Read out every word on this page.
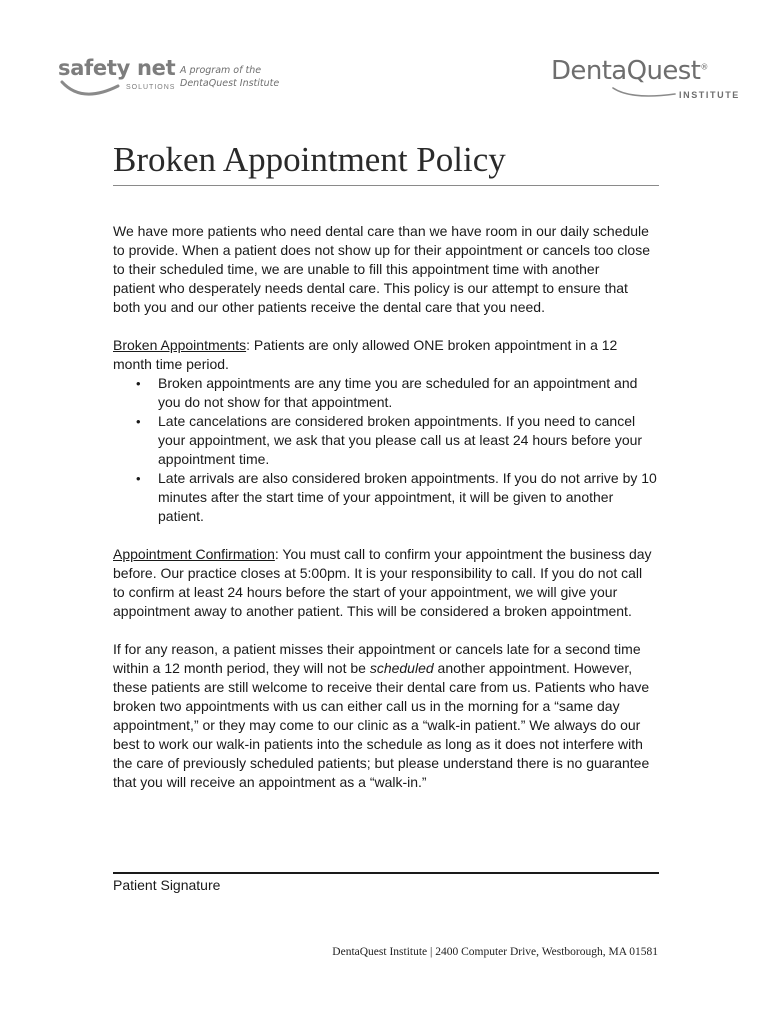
safety net
SOLUTIONS
A program of the
DentaQuest Institute	DentaQuest®
INSTITUTE
Broken Appointment Policy

We have more patients who need dental care than we have room in our daily schedule

to provide. When a patient does not show up for their appointment or cancels too close

to their scheduled time, we are unable to fill this appointment time with another

patient who desperately needs dental care. This policy is our attempt to ensure that

both you and our other patients receive the dental care that you need.

Broken Appointments: Patients are only allowed ONE broken appointment in a 12

month time period.

• Broken appointments are any time you are scheduled for an appointment and

you do not show for that appointment.

• Late cancelations are considered broken appointments. If you need to cancel

your appointment, we ask that you please call us at least 24 hours before your

appointment time.

• Late arrivals are also considered broken appointments. If you do not arrive by 10

minutes after the start time of your appointment, it will be given to another

patient.

Appointment Confirmation: You must call to confirm your appointment the business day

before. Our practice closes at 5:00pm. It is your responsibility to call. If you do not call

to confirm at least 24 hours before the start of your appointment, we will give your

appointment away to another patient. This will be considered a broken appointment.

If for any reason, a patient misses their appointment or cancels late for a second time

within a 12 month period, they will not be scheduled another appointment. However,

these patients are still welcome to receive their dental care from us. Patients who have

broken two appointments with us can either call us in the morning for a “same day

appointment,” or they may come to our clinic as a “walk-in patient.” We always do our

best to work our walk-in patients into the schedule as long as it does not interfere with

the care of previously scheduled patients; but please understand there is no guarantee

that you will receive an appointment as a “walk-in.”

Patient Signature
DentaQuest Institute | 2400 Computer Drive, Westborough, MA 01581
